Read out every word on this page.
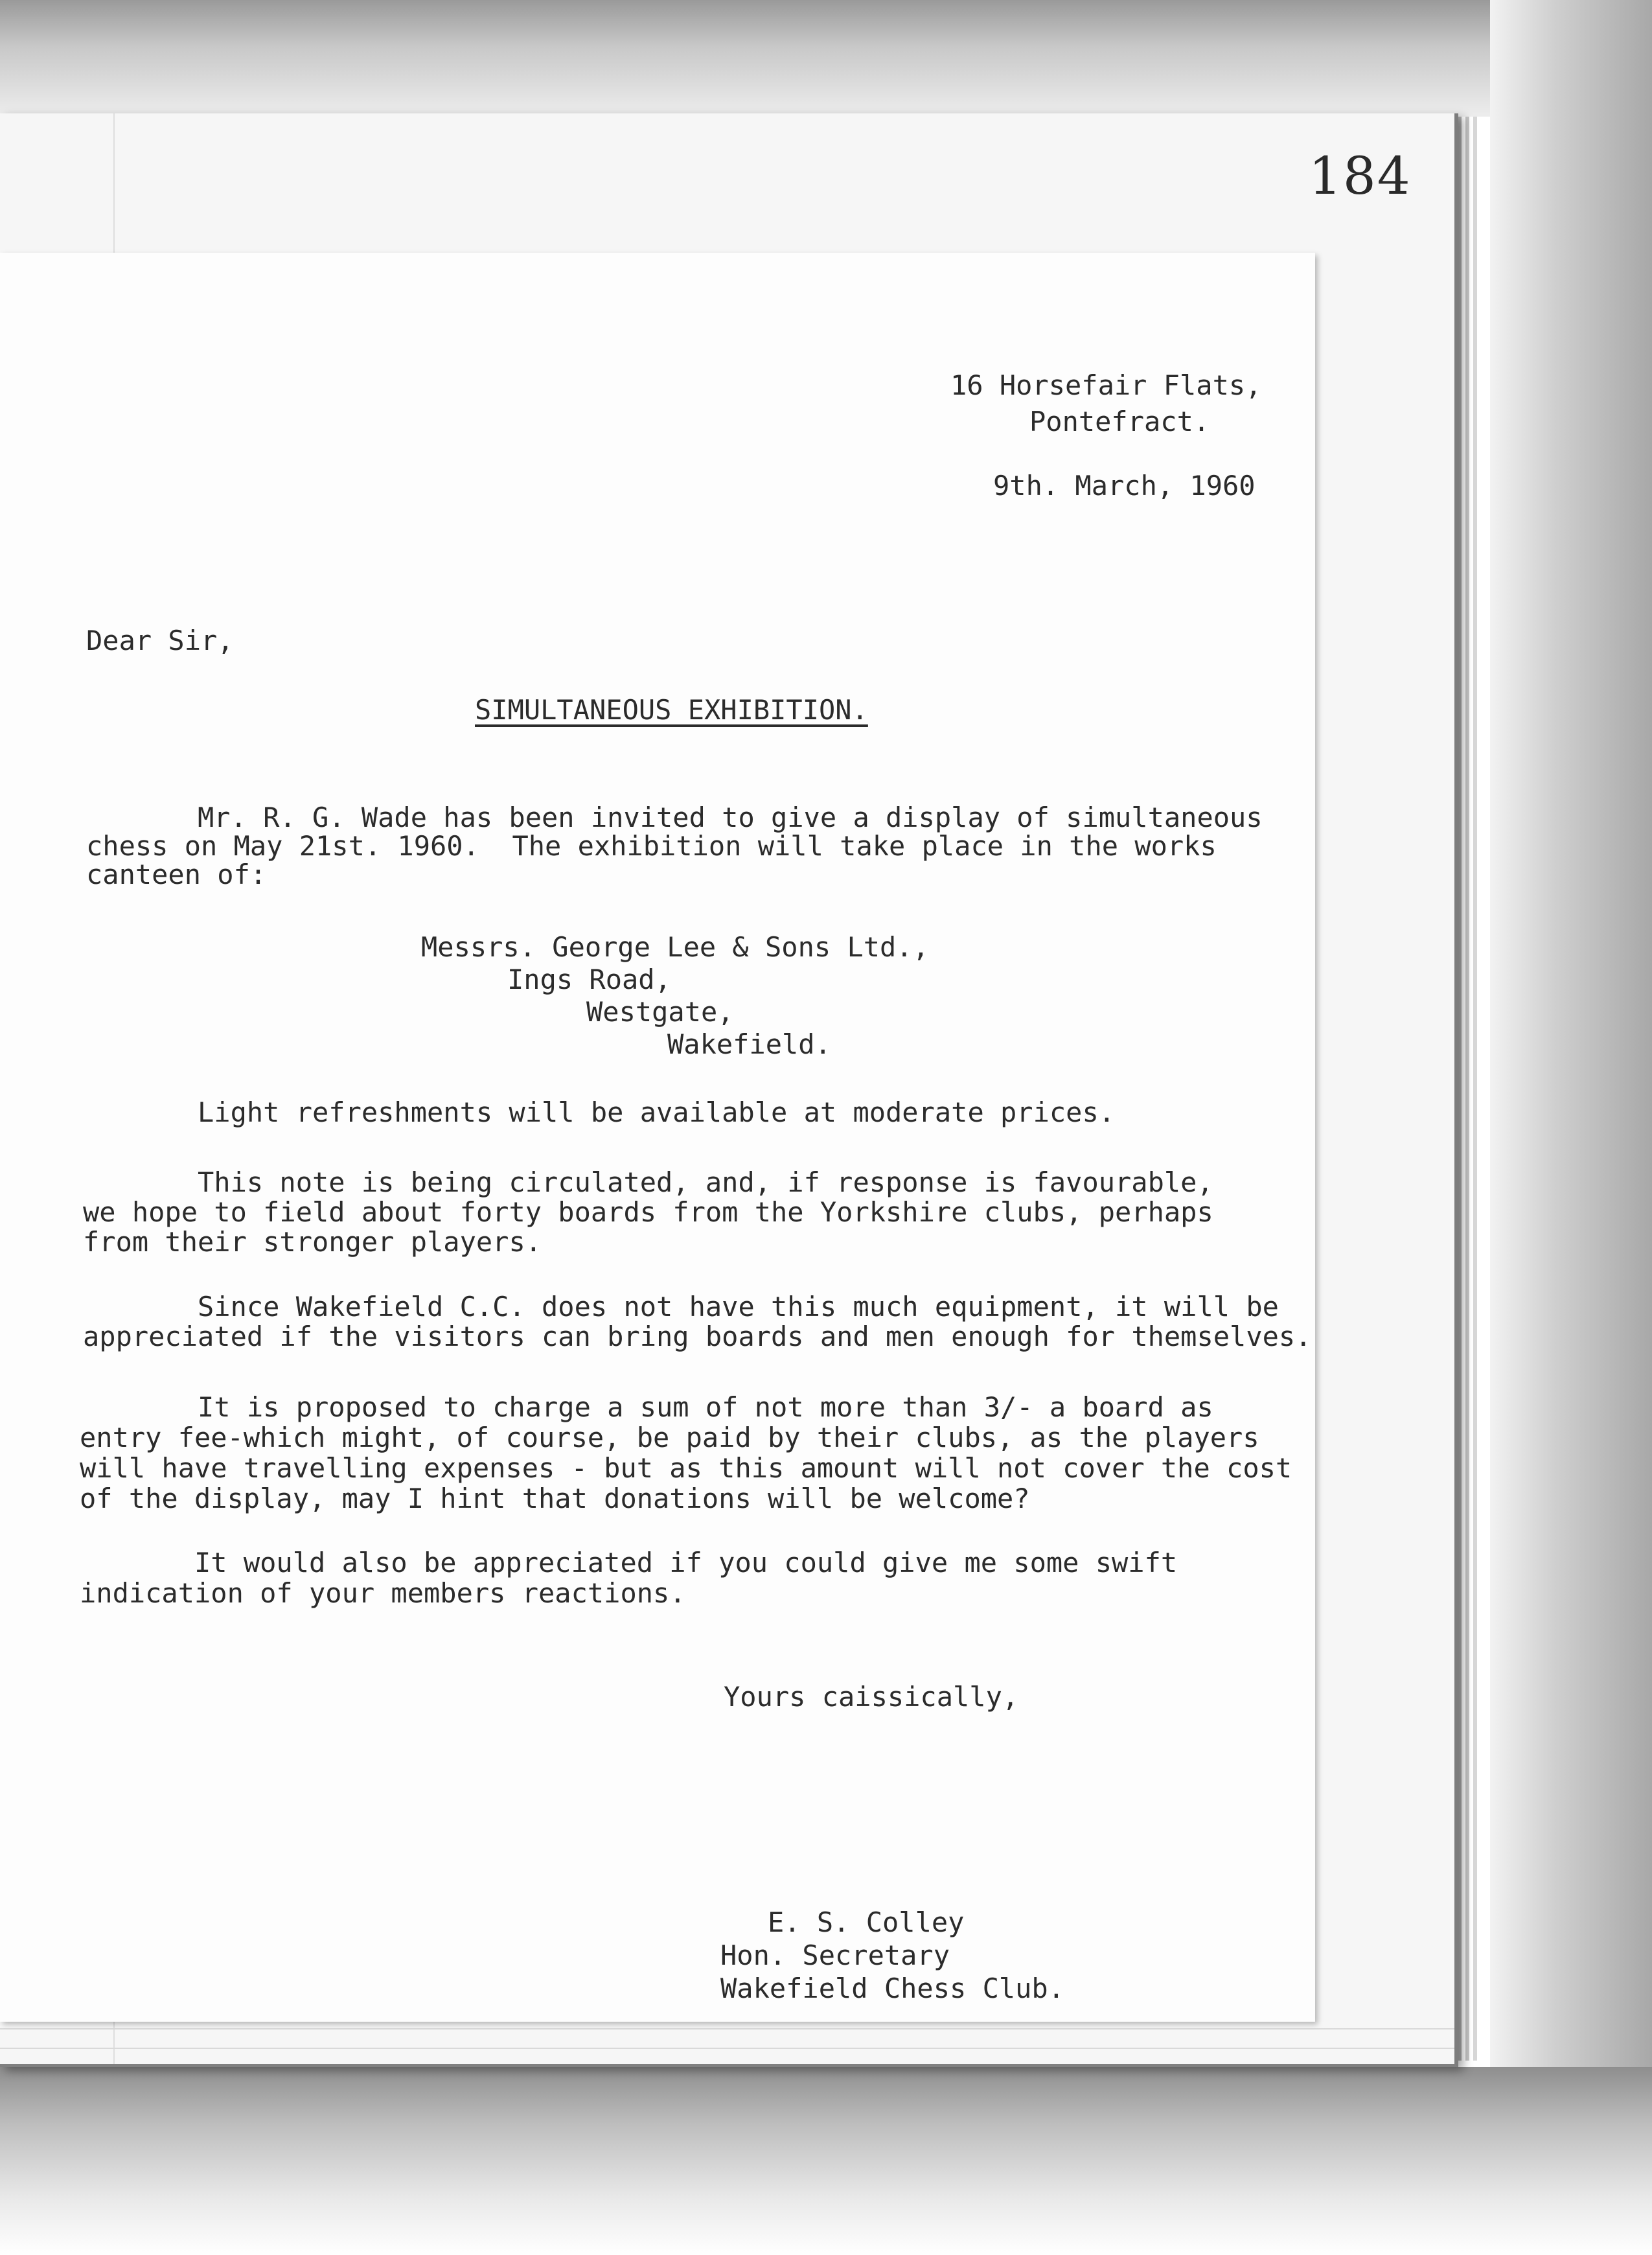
184
16 Horsefair Flats,
Pontefract.
9th. March, 1960
Dear Sir,
SIMULTANEOUS EXHIBITION.
Mr. R. G. Wade has been invited to give a display of simultaneous
chess on May 21st. 1960.  The exhibition will take place in the works
canteen of:
Messrs. George Lee & Sons Ltd.,
Ings Road,
Westgate,
Wakefield.
Light refreshments will be available at moderate prices.
This note is being circulated, and, if response is favourable,
we hope to field about forty boards from the Yorkshire clubs, perhaps
from their stronger players.
Since Wakefield C.C. does not have this much equipment, it will be
appreciated if the visitors can bring boards and men enough for themselves.
It is proposed to charge a sum of not more than 3/- a board as
entry fee-which might, of course, be paid by their clubs, as the players
will have travelling expenses - but as this amount will not cover the cost
of the display, may I hint that donations will be welcome?
It would also be appreciated if you could give me some swift
indication of your members reactions.
Yours caissically,
E. S. Colley
Hon. Secretary
Wakefield Chess Club.
